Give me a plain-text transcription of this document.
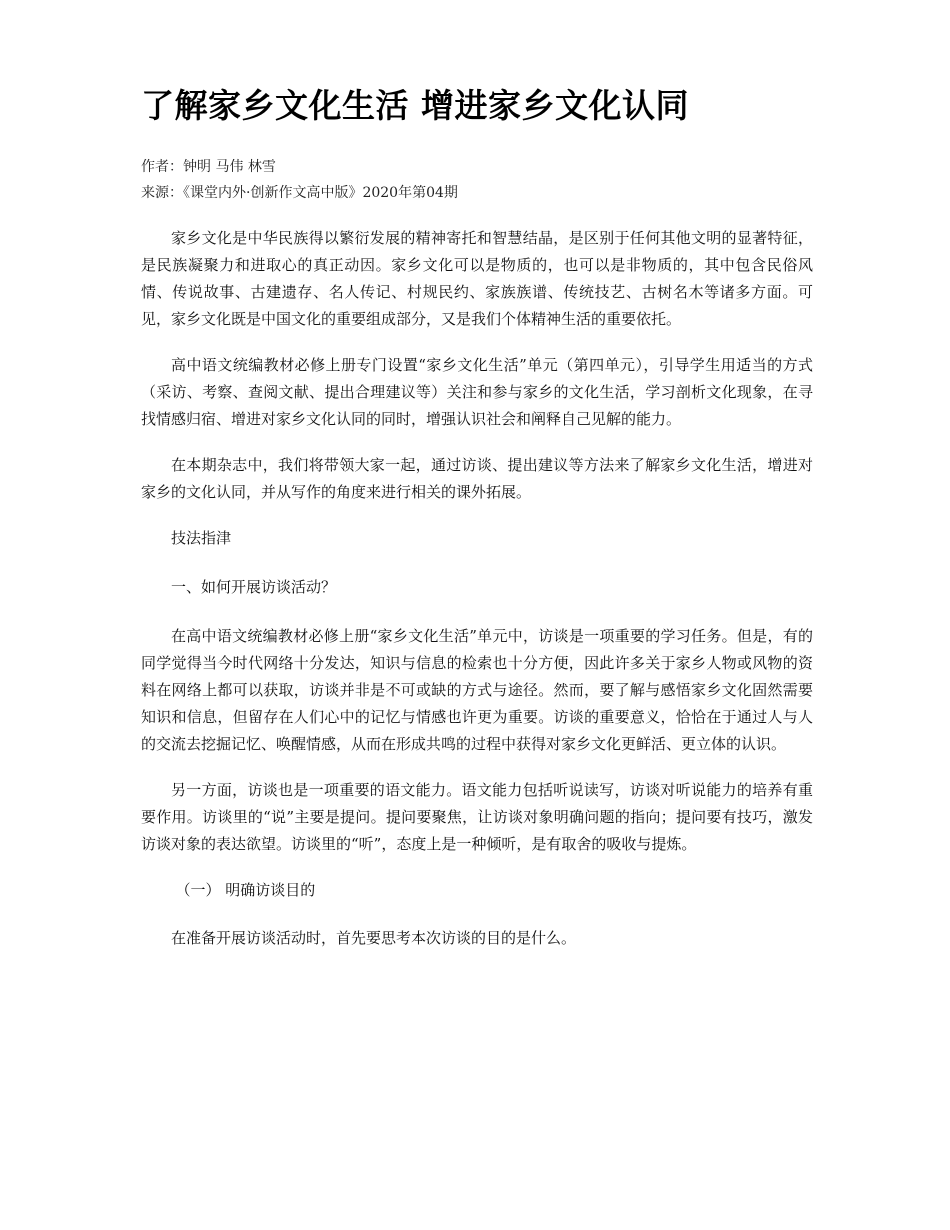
了解家乡文化生活 增进家乡文化认同
作者：钟明 马伟 林雪
来源：《课堂内外·创新作文高中版》2020年第04期

家乡文化是中华民族得以繁衍发展的精神寄托和智慧结晶，是区别于任何其他文明的显著特征，是民族凝聚力和进取心的真正动因。家乡文化可以是物质的，也可以是非物质的，其中包含民俗风情、传说故事、古建遗存、名人传记、村规民约、家族族谱、传统技艺、古树名木等诸多方面。可见，家乡文化既是中国文化的重要组成部分，又是我们个体精神生活的重要依托。

高中语文统编教材必修上册专门设置“家乡文化生活”单元（第四单元），引导学生用适当的方式（采访、考察、查阅文献、提出合理建议等）关注和参与家乡的文化生活，学习剖析文化现象，在寻找情感归宿、增进对家乡文化认同的同时，增强认识社会和阐释自己见解的能力。

在本期杂志中，我们将带领大家一起，通过访谈、提出建议等方法来了解家乡文化生活，增进对家乡的文化认同，并从写作的角度来进行相关的课外拓展。

技法指津

一、如何开展访谈活动？

在高中语文统编教材必修上册“家乡文化生活”单元中，访谈是一项重要的学习任务。但是，有的同学觉得当今时代网络十分发达，知识与信息的检索也十分方便，因此许多关于家乡人物或风物的资料在网络上都可以获取，访谈并非是不可或缺的方式与途径。然而，要了解与感悟家乡文化固然需要知识和信息，但留存在人们心中的记忆与情感也许更为重要。访谈的重要意义，恰恰在于通过人与人的交流去挖掘记忆、唤醒情感，从而在形成共鸣的过程中获得对家乡文化更鲜活、更立体的认识。

另一方面，访谈也是一项重要的语文能力。语文能力包括听说读写，访谈对听说能力的培养有重要作用。访谈里的“说”主要是提问。提问要聚焦，让访谈对象明确问题的指向；提问要有技巧，激发访谈对象的表达欲望。访谈里的“听”，态度上是一种倾听，是有取舍的吸收与提炼。

（一） 明确访谈目的

在准备开展访谈活动时，首先要思考本次访谈的目的是什么。
